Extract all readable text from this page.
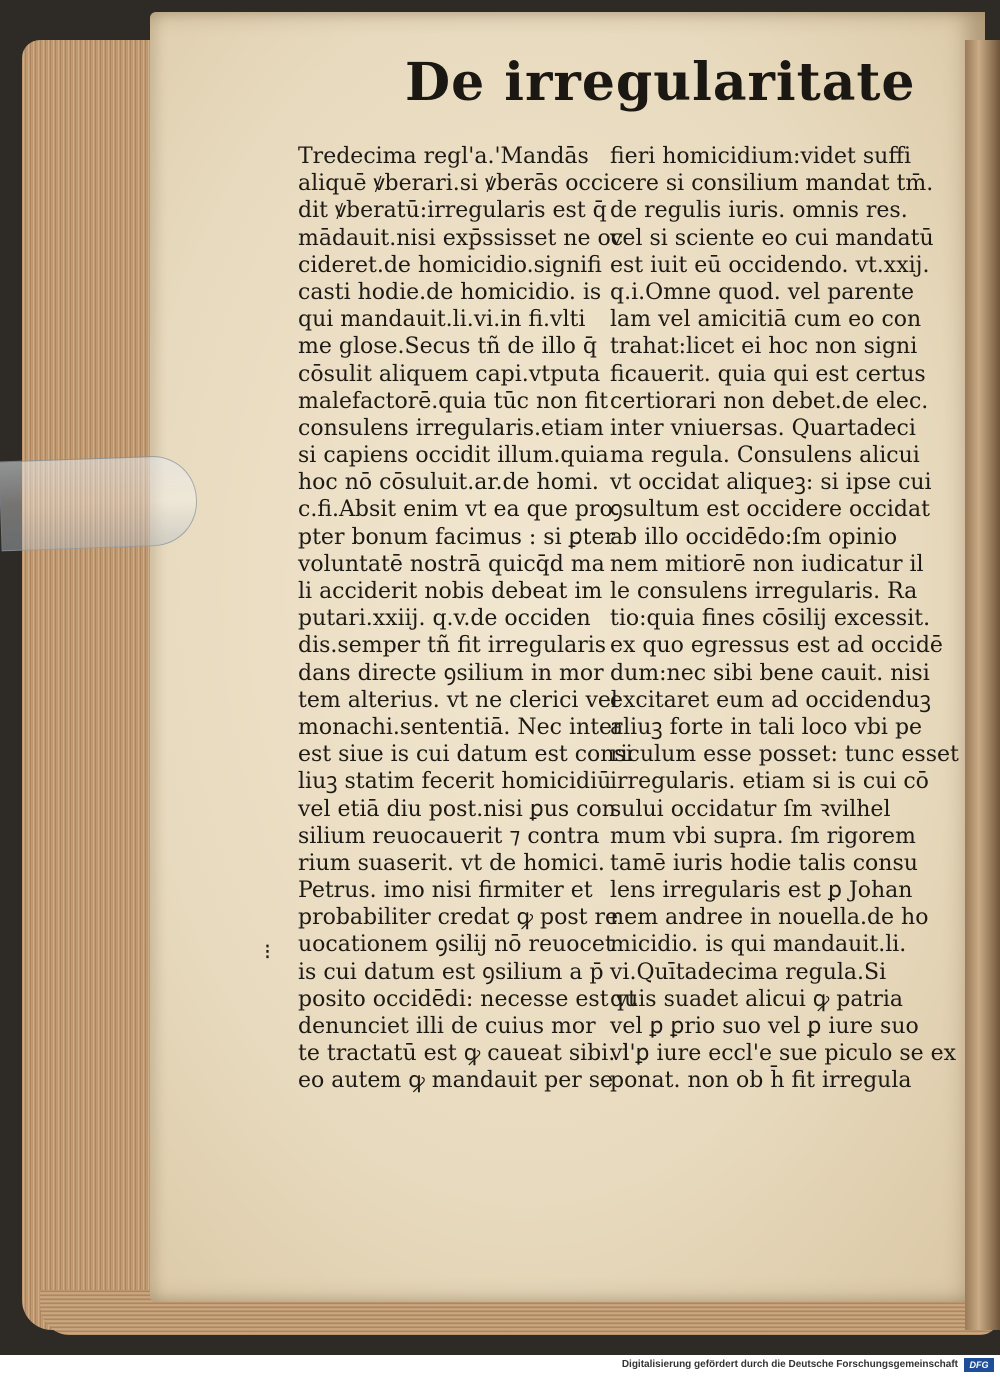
De irregularitate
Tredecima regl'a.'Mandās
aliquē ꝟberari.si ꝟberās occi
dit ꝟberatū:irregularis est q̄
mādauit.nisi exp̄ssisset ne oc
cideret.de homicidio.signifi
casti hodie.de homicidio. is
qui mandauit.li.vi.in fi.vlti
me glose.Secus tñ de illo q̄
cōsulit aliquem capi.vtputa
malefactorē.quia tūc non fit
consulens irregularis.etiam
si capiens occidit illum.quia
hoc nō cōsuluit.ar.de homi.
c.fi.Absit enim vt ea que pro
pter bonum facimus : si ꝑter
voluntatē nostrā quicq̄d ma
li acciderit nobis debeat im
putari.xxiij. q.v.de occiden
dis.semper tñ fit irregularis
dans directe ꝯsilium in mor
tem alterius. vt ne clerici vel
monachi.sententiā. Nec inter
est siue is cui datum est consi
liuꝫ statim fecerit homicidiū
vel etiā diu post.nisi ꝑus con
silium reuocauerit ⁊ contra
rium suaserit. vt de homici.
Petrus. imo nisi firmiter et
probabiliter credat ꝙ post re
uocationem ꝯsilij nō reuocet
is cui datum est ꝯsilium a p̄
posito occidēdi: necesse est vt
denunciet illi de cuius mor
te tractatū est ꝙ caueat sibi. i
eo autem ꝙ mandauit per se
fieri homicidium:videt suffi
cere si consilium mandat tm̄.
de regulis iuris. omnis res.
vel si sciente eo cui mandatū
est iuit eū occidendo. vt.xxij.
q.i.Omne quod. vel parente
lam vel amicitiā cum eo con
trahat:licet ei hoc non signi
ficauerit. quia qui est certus
certiorari non debet.de elec.
inter vniuersas. Quartadeci
ma regula. Consulens alicui
vt occidat aliqueꝫ: si ipse cui
ꝯsultum est occidere occidat
ab illo occidēdo:ſm opinio
nem mitiorē non iudicatur il
le consulens irregularis. Ra
tio:quia fines cōsilij excessit.
ex quo egressus est ad occidē
dum:nec sibi bene cauit. nisi
excitaret eum ad occidenduꝫ
aliuꝫ forte in tali loco vbi pe
riculum esse posset: tunc esset
irregularis. etiam si is cui cō
sului occidatur ſm ꝛvilhel
mum vbi supra. ſm rigorem
tamē iuris hodie talis consu
lens irregularis est ꝑ Johan
nem andree in nouella.de ho
micidio. is qui mandauit.li.
vi.Quītadecima regula.Si
quis suadet alicui ꝙ patria
vel ꝑ ꝑrio suo vel ꝑ iure suo
vl'ꝑ iure eccl'e sue piculo se ex
ponat. non ob h̄ fit irregula
⁝
Digitalisierung gefördert durch die Deutsche Forschungsgemeinschaft	DFG
